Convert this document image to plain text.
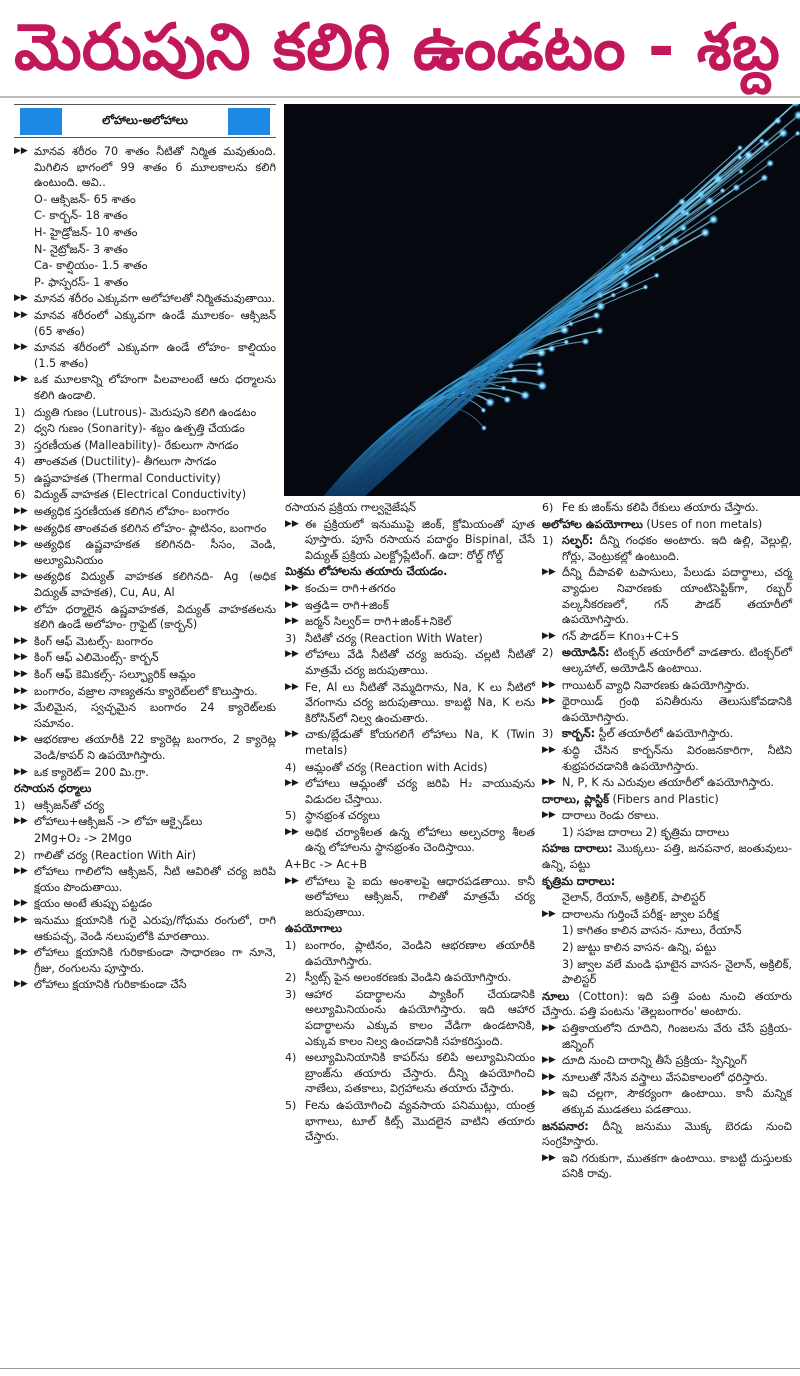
మెరుపుని కలిగి ఉండటం - శబ్ద
లోహాలు-అలోహాలు
▶▶ మానవ శరీరం 70 శాతం నీటితో నిర్మిత మవుతుంది. మిగిలిన భాగంలో 99 శాతం 6 మూలకాలను కలిగి ఉంటుంది. అవి..
O- ఆక్సిజన్- 65 శాతం
C- కార్బన్- 18 శాతం
H- హైడ్రోజన్- 10 శాతం
N- నైట్రోజన్- 3 శాతం
Ca- కాల్షియం- 1.5 శాతం
P- ఫాస్పరస్- 1 శాతం
▶▶ మానవ శరీరం ఎక్కువగా అలోహాలతో నిర్మితమవుతాయి.
▶▶ మానవ శరీరంలో ఎక్కువగా ఉండే మూలకం- ఆక్సిజన్ (65 శాతం)
▶▶ మానవ శరీరంలో ఎక్కువగా ఉండే లోహం- కాల్షియం (1.5 శాతం)
▶▶ ఒక మూలకాన్ని లోహంగా పిలవాలంటే ఆరు ధర్మాలను కలిగి ఉండాలి.
1) ద్యుతి గుణం (Lutrous)- మెరుపుని కలిగి ఉండటం
2) ధ్వని గుణం (Sonarity)- శబ్దం ఉత్పత్తి చేయడం
3) స్తరణీయత (Malleability)- రేకులుగా సాగడం
4) తాంతవత (Ductility)- తీగలుగా సాగడం
5) ఉష్ణవాహకత (Thermal Conductivity)
6) విద్యుత్ వాహకత (Electrical Conductivity)
▶▶ అత్యధిక స్తరణీయత కలిగిన లోహం- బంగారం
▶▶ అత్యధిక తాంతవత కలిగిన లోహం- ప్లాటినం, బంగారం
▶▶ అత్యధిక ఉష్ణవాహకత కలిగినది- సీసం, వెండి, అల్యూమినియం
▶▶ అత్యధిక విద్యుత్ వాహకత కలిగినది- Ag (అధిక విద్యుత్ వాహకత), Cu, Au, Al
▶▶ లోహ ధర్మాలైన ఉష్ణవాహకత, విద్యుత్ వాహకతలను కలిగి ఉండే అలోహం- గ్రాఫైట్ (కార్బన్)
▶▶ కింగ్ ఆఫ్ మెటల్స్- బంగారం
▶▶ కింగ్ ఆఫ్ ఎలిమెంట్స్- కార్బన్
▶▶ కింగ్ ఆఫ్ కెమికల్స్- సల్ఫ్యూరిక్ ఆమ్లం
▶▶ బంగారం, వజ్రాల నాణ్యతను క్యారెట్‌లలో కొలుస్తారు.
▶▶ మేలిమైన, స్వచ్ఛమైన బంగారం 24 క్యారెట్‌లకు సమానం.
▶▶ ఆభరణాల తయారీకి 22 క్యారెట్ల బంగారం, 2 క్యారెట్ల వెండి/కాపర్ ని ఉపయోగిస్తారు.
▶▶ ఒక క్యారెట్= 200 మి.గ్రా.
రసాయన ధర్మాలు
1) ఆక్సిజన్‌తో చర్య
▶▶ లోహాలు+ఆక్సిజన్ -> లోహ ఆక్సైడ్‌లు
2Mg+O₂ -> 2Mgo
2) గాలితో చర్య (Reaction With Air)
▶▶ లోహాలు గాలిలోని ఆక్సిజన్, నీటి ఆవిరితో చర్య జరిపి క్షయం పొందుతాయి.
▶▶ క్షయం అంటే తుప్పు పట్టడం
▶▶ ఇనుము క్షయానికి గురై ఎరుపు/గోధుమ రంగులో, రాగి ఆకుపచ్చ, వెండి నలుపులోకి మారతాయి.
▶▶ లోహాలు క్షయానికి గురికాకుండా సాధారణం గా నూనె, గ్రీజు, రంగులను పూస్తారు.
▶▶ లోహాలు క్షయానికి గురికాకుండా చేసే
రసాయన ప్రక్రియ గాల్వనైజేషన్
▶▶ ఈ ప్రక్రియలో ఇనుముపై జింక్, క్రోమియంతో పూత పూస్తారు. పూసే రసాయన పదార్థం Bispinal, చేసే విద్యుత్ ప్రక్రియ ఎలక్ట్రోప్లేటింగ్. ఉదా: రోల్డ్ గోల్డ్
మిశ్రమ లోహాలను తయారు చేయడం.
▶▶ కంచు= రాగి+తగరం
▶▶ ఇత్తడి= రాగి+జింక్
▶▶ జర్మన్ సిల్వర్= రాగి+జింక్+నికెల్
3) నీటితో చర్య (Reaction With Water)
▶▶ లోహాలు వేడి నీటితో చర్య జరుపు. చల్లటి నీటితో మాత్రమే చర్య జరుపుతాయి.
▶▶ Fe, Al లు నీటితో నెమ్మదిగాను, Na, K లు నీటిలో వేగంగాను చర్య జరుపుతాయి. కాబట్టి Na, K లను కిరోసిన్‌లో నిల్వ ఉంచుతారు.
▶▶ చాకు/బ్లేడుతో కోయగలిగే లోహాలు Na, K (Twin metals)
4) ఆమ్లంతో చర్య (Reaction with Acids)
▶▶ లోహాలు ఆమ్లంతో చర్య జరిపి H₂ వాయువును విడుదల చేస్తాయి.
5) స్థానభ్రంశ చర్యలు
▶▶ అధిక చర్యాశీలత ఉన్న లోహాలు అల్పచర్యా శీలత ఉన్న లోహాలను స్థానభ్రంశం చెందిస్తాయి.
A+Bc -> Ac+B
▶▶ లోహాలు పై ఐదు అంశాలపై ఆధారపడతాయి. కానీ అలోహాలు ఆక్సిజన్, గాలితో మాత్రమే చర్య జరుపుతాయి.
ఉపయోగాలు
1) బంగారం, ప్లాటినం, వెండిని ఆభరణాల తయారీకి ఉపయోగిస్తారు.
2) స్వీట్స్ పైన అలంకరణకు వెండిని ఉపయోగిస్తారు.
3) ఆహార పదార్థాలను ప్యాకింగ్ చేయడానికి అల్యూమినియంను ఉపయోగిస్తారు. ఇది ఆహార పదార్థాలను ఎక్కువ కాలం వేడిగా ఉండటానికి, ఎక్కువ కాలం నిల్వ ఉంచడానికి సహకరిస్తుంది.
4) అల్యూమినియానికి కాపర్‌ను కలిపి అల్యూమినియం బ్రాంజ్‌ను తయారు చేస్తారు. దీన్ని ఉపయోగించి నాణేలు, పతకాలు, విగ్రహాలను తయారు చేస్తారు.
5) Feను ఉపయోగించి వ్యవసాయ పనిముట్లు, యంత్ర భాగాలు, టూల్ కిట్స్ మొదలైన వాటిని తయారు చేస్తారు.
6) Fe కు జింక్‌ను కలిపి రేకులు తయారు చేస్తారు.
అలోహాల ఉపయోగాలు (Uses of non metals)
1) సల్ఫర్: దీన్ని గంధకం అంటారు. ఇది ఉల్లి, వెల్లుల్లి, గోర్లు, వెంట్రుకల్లో ఉంటుంది.
▶▶ దీన్ని దీపావళి టపాసులు, పేలుడు పదార్థాలు, చర్మ వ్యాధుల నివారణకు యాంటిసెప్టిక్‌గా, రబ్బర్ వల్కనీకరణలో, గన్ పౌడర్ తయారీలో ఉపయోగిస్తారు.
▶▶ గన్ పౌడర్= Kno₃+C+S
2) అయోడిన్: టింక్చర్ తయారీలో వాడతారు. టింక్చర్‌లో ఆల్కహాల్, అయోడిన్ ఉంటాయి.
▶▶ గాయిటర్ వ్యాధి నివారణకు ఉపయోగిస్తారు.
▶▶ థైరాయిడ్ గ్రంథి పనితీరును తెలుసుకోవడానికి ఉపయోగిస్తారు.
3) కార్బన్: స్టీల్ తయారీలో ఉపయోగిస్తారు.
▶▶ శుద్ధి చేసిన కార్బన్‌ను విరంజనకారిగా, నీటిని శుభ్రపరచడానికి ఉపయోగిస్తారు.
▶▶ N, P, K ను ఎరువుల తయారీలో ఉపయోగిస్తారు.
దారాలు, ప్లాస్టిక్ (Fibers and Plastic)
▶▶ దారాలు రెండు రకాలు.
1) సహజ దారాలు 2) కృత్రిమ దారాలు
సహజ దారాలు: మొక్కలు- పత్తి, జనపనార, జంతువులు- ఉన్ని, పట్టు
కృత్రిమ దారాలు:
నైలాన్, రేయాన్, అక్రిలిక్, పాలిస్టర్
▶▶ దారాలను గుర్తించే పరీక్ష- జ్వాల పరీక్ష
1) కాగితం కాలిన వాసన- నూలు, రేయాన్
2) జుట్టు కాలిన వాసన- ఉన్ని, పట్టు
3) జ్వాల వలే మండి ఘాటైన వాసన- నైలాన్, అక్రిలిక్, పాలిస్టర్
నూలు (Cotton): ఇది పత్తి పంట నుంచి తయారు చేస్తారు. పత్తి పంటను 'తెల్లబంగారం' అంటారు.
▶▶ పత్తికాయలోని దూదిని, గింజలను వేరు చేసే ప్రక్రియ- జిన్నింగ్
▶▶ దూది నుంచి దారాన్ని తీసే ప్రక్రియ- స్పిన్నింగ్
▶▶ నూలుతో నేసిన వస్త్రాలు వేసవికాలంలో ధరిస్తారు.
▶▶ ఇవి చల్లగా, సౌకర్యంగా ఉంటాయి. కానీ మన్నిక తక్కువ ముడతలు పడతాయి.
జనపనార: దీన్ని జనుము మొక్క బెరడు నుంచి సంగ్రహిస్తారు.
▶▶ ఇవి గరుకుగా, ముతకగా ఉంటాయి. కాబట్టి దుస్తులకు పనికి రావు.
